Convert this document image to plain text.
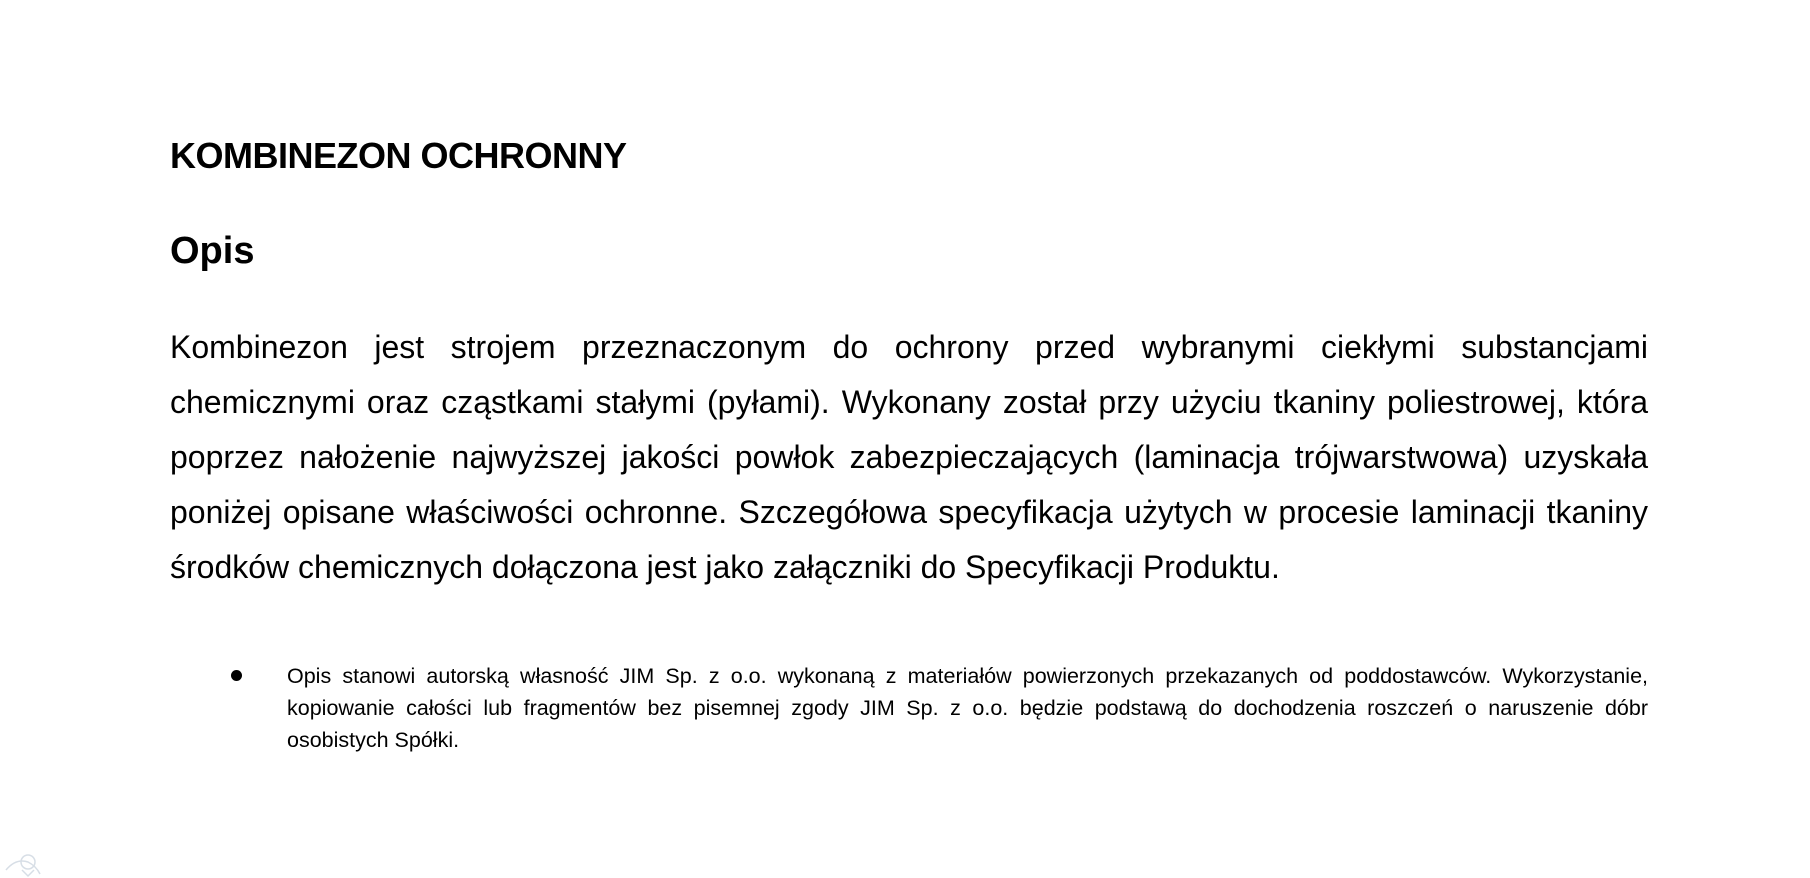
KOMBINEZON OCHRONNY
Opis

Kombinezon jest strojem przeznaczonym do ochrony przed wybranymi ciekłymi substancjami chemicznymi oraz cząstkami stałymi (pyłami). Wykonany został przy użyciu tkaniny poliestrowej, która poprzez nałożenie najwyższej jakości powłok zabezpieczających (laminacja trójwarstwowa) uzyskała poniżej opisane właściwości ochronne. Szczegółowa specyfikacja użytych w procesie laminacji tkaniny środków chemicznych dołączona jest jako załączniki do Specyfikacji Produktu.

Opis stanowi autorską własność JIM Sp. z o.o. wykonaną z materiałów powierzonych przekazanych od poddostawców. Wykorzystanie, kopiowanie całości lub fragmentów bez pisemnej zgody JIM Sp. z o.o. będzie podstawą do dochodzenia roszczeń o naruszenie dóbr osobistych Spółki.
